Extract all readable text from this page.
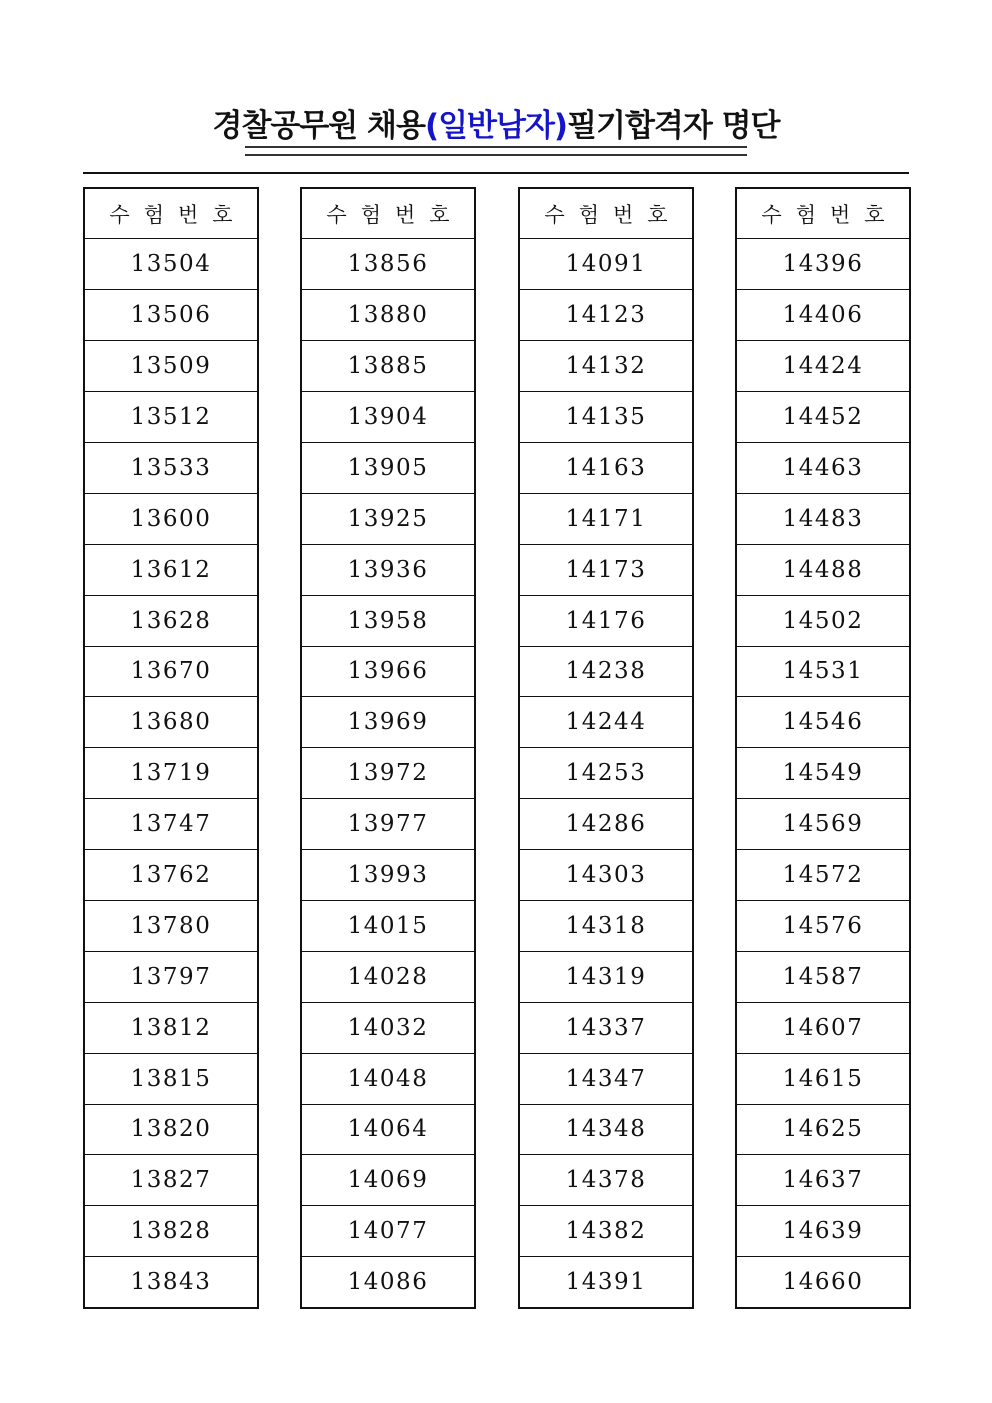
경찰공무원 채용(일반남자)필기합격자 명단
수험번호
13504
13506
13509
13512
13533
13600
13612
13628
13670
13680
13719
13747
13762
13780
13797
13812
13815
13820
13827
13828
13843
수험번호
13856
13880
13885
13904
13905
13925
13936
13958
13966
13969
13972
13977
13993
14015
14028
14032
14048
14064
14069
14077
14086
수험번호
14091
14123
14132
14135
14163
14171
14173
14176
14238
14244
14253
14286
14303
14318
14319
14337
14347
14348
14378
14382
14391
수험번호
14396
14406
14424
14452
14463
14483
14488
14502
14531
14546
14549
14569
14572
14576
14587
14607
14615
14625
14637
14639
14660
